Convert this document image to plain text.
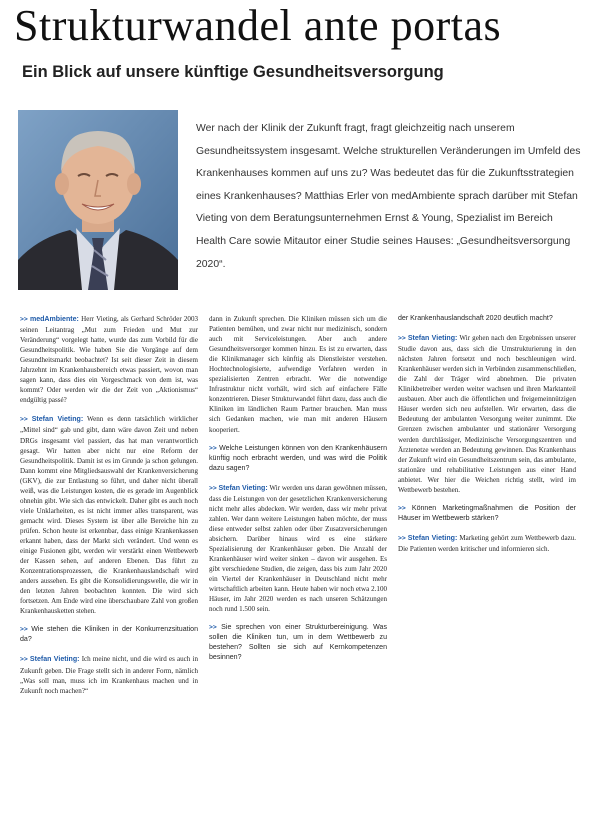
Strukturwandel ante portas
Ein Blick auf unsere künftige Gesundheitsversorgung

Wer nach der Klinik der Zukunft fragt, fragt gleichzeitig nach unserem Gesundheitssystem insgesamt. Welche strukturellen Veränderungen im Umfeld des Krankenhauses kommen auf uns zu? Was bedeutet das für die Zukunftsstrategien eines Krankenhauses? Matthias Erler von medAmbiente sprach darüber mit Stefan Vieting von dem Beratungsunternehmen Ernst & Young, Spezialist im Bereich Health Care sowie Mitautor einer Studie seines Hauses: „Gesundheitsversorgung 2020“.

>> medAmbiente: Herr Vieting, als Gerhard Schröder 2003 seinen Leitantrag „Mut zum Frieden und Mut zur Veränderung“ vorgelegt hatte, wurde das zum Vorbild für die Gesundheitspolitik. Wie haben Sie die Vorgänge auf dem Gesundheitsmarkt beobachtet? Ist seit dieser Zeit in diesem Jahrzehnt im Krankenhausbereich etwas passiert, wovon man sagen kann, dass dies ein Vorgeschmack von dem ist, was kommt? Oder werden wir die der Zeit von „Aktionismus“ endgültig passé?

>> Stefan Vieting: Wenn es denn tatsächlich wirklicher „Mittel sind“ gab und gibt, dann wäre davon Zeit und neben DRGs insgesamt viel passiert, das hat man verantwortlich gesagt. Wir hatten aber nicht nur eine Reform der Gesundheitspolitik. Damit ist es im Grunde ja schon gelungen. Dann kommt eine Mitgliedsauswahl der Krankenversicherung (GKV), die zur Entlastung so führt, und daher nicht überall weiß, was die Leistungen kosten, die es gerade im Augenblick ohnehin gibt. Wie sich das entwickelt. Daher gibt es auch noch viele Unklarheiten, es ist nicht immer alles transparent, was gemacht wird. Dieses System ist über alle Bereiche hin zu prüfen. Schon heute ist erkennbar, dass einige Krankenkassen erkannt haben, dass der Markt sich verändert. Und wenn es einige Fusionen gibt, werden wir verstärkt einen Wettbewerb der Kassen sehen, auf anderen Ebenen. Das führt zu Konzentrationsprozessen, die Krankenhauslandschaft wird anders aussehen. Es gibt die Konsolidierungswelle, die wir in den letzten Jahren beobachten konnten. Die wird sich fortsetzen. Am Ende wird eine überschaubare Zahl von großen Krankenhausketten stehen.

>> Wie stehen die Kliniken in der Konkurrenzsituation da?

>> Stefan Vieting: Ich meine nicht, und die wird es auch in Zukunft geben. Die Frage stellt sich in anderer Form, nämlich „Was soll man, muss ich im Krankenhaus machen und in Zukunft noch machen?“

dann in Zukunft sprechen. Die Kliniken müssen sich um die Patienten bemühen, und zwar nicht nur medizinisch, sondern auch mit Serviceleistungen. Aber auch andere Gesundheitsversorger kommen hinzu. Es ist zu erwarten, dass die Klinikmanager sich künftig als Dienstleister verstehen. Hochtechnologisierte, aufwendige Verfahren werden in spezialisierten Zentren erbracht. Wer die notwendige Infrastruktur nicht vorhält, wird sich auf einfachere Fälle konzentrieren. Dieser Strukturwandel führt dazu, dass auch die Kliniken im ländlichen Raum Partner brauchen. Man muss sich Gedanken machen, wie man mit anderen Häusern kooperiert.

>> Welche Leistungen können von den Krankenhäusern künftig noch erbracht werden, und was wird die Politik dazu sagen?

>> Stefan Vieting: Wir werden uns daran gewöhnen müssen, dass die Leistungen von der gesetzlichen Krankenversicherung nicht mehr alles abdecken. Wir werden, dass wir mehr privat zahlen. Wer dann weitere Leistungen haben möchte, der muss diese entweder selbst zahlen oder über Zusatzversicherungen absichern. Darüber hinaus wird es eine stärkere Spezialisierung der Krankenhäuser geben. Die Anzahl der Krankenhäuser wird weiter sinken – davon wir ausgehen. Es gibt verschiedene Studien, die zeigen, dass bis zum Jahr 2020 ein Viertel der Krankenhäuser in Deutschland nicht mehr wirtschaftlich arbeiten kann. Heute haben wir noch etwa 2.100 Häuser, im Jahr 2020 werden es nach unseren Schätzungen noch rund 1.500 sein.

>> Sie sprechen von einer Strukturbereinigung. Was sollen die Kliniken tun, um in dem Wettbewerb zu bestehen? Sollten sie sich auf Kernkompetenzen besinnen?

der Krankenhauslandschaft 2020 deutlich macht?

>> Stefan Vieting: Wir gehen nach den Ergebnissen unserer Studie davon aus, dass sich die Umstrukturierung in den nächsten Jahren fortsetzt und noch beschleunigen wird. Krankenhäuser werden sich in Verbünden zusammenschließen, die Zahl der Träger wird abnehmen. Die privaten Klinikbetreiber werden weiter wachsen und ihren Marktanteil ausbauen. Aber auch die öffentlichen und freigemeinnützigen Häuser werden sich neu aufstellen. Wir erwarten, dass die Bedeutung der ambulanten Versorgung weiter zunimmt. Die Grenzen zwischen ambulanter und stationärer Versorgung werden durchlässiger, Medizinische Versorgungszentren und Ärztenetze werden an Bedeutung gewinnen. Das Krankenhaus der Zukunft wird ein Gesundheitszentrum sein, das ambulante, stationäre und rehabilitative Leistungen aus einer Hand anbietet. Wer hier die Weichen richtig stellt, wird im Wettbewerb bestehen.

>> Können Marketingmaßnahmen die Position der Häuser im Wettbewerb stärken?

>> Stefan Vieting: Marketing gehört zum Wettbewerb dazu. Die Patienten werden kritischer und informieren sich.
